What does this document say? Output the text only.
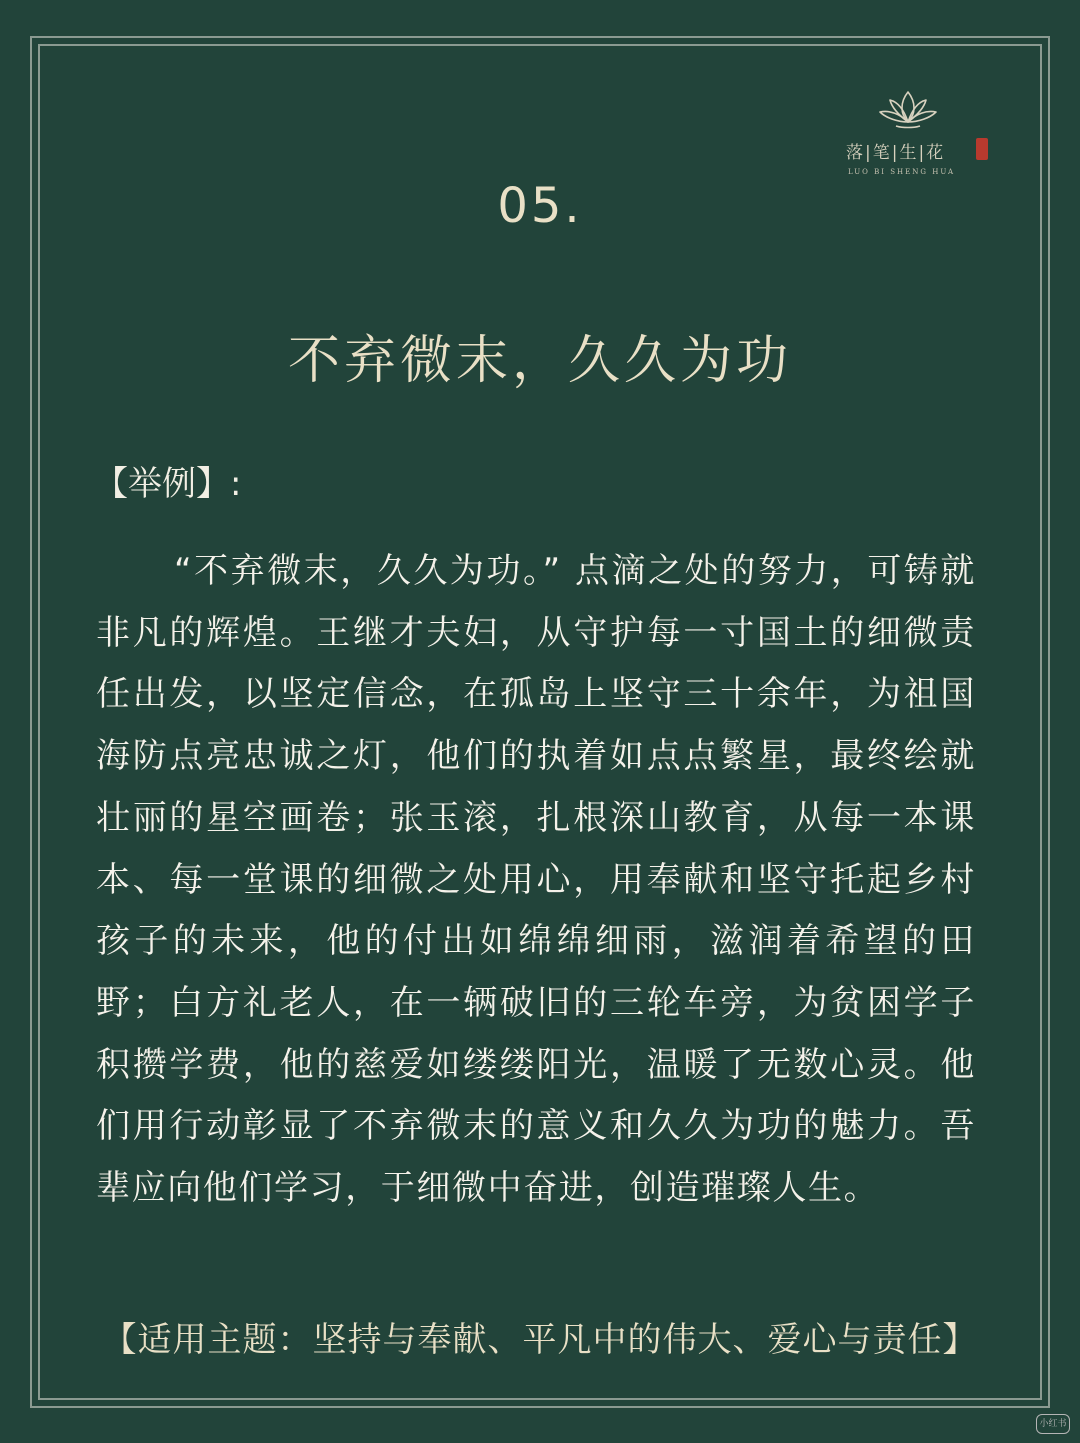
落|笔|生|花
LUO BI SHENG HUA
05.
不弃微末，久久为功
【举例】:
“不弃微末，久久为功。” 点滴之处的努力，可铸就非凡的辉煌。王继才夫妇，从守护每一寸国土的细微责任出发，以坚定信念，在孤岛上坚守三十余年，为祖国海防点亮忠诚之灯，他们的执着如点点繁星，最终绘就壮丽的星空画卷；张玉滚，扎根深山教育，从每一本课本、每一堂课的细微之处用心，用奉献和坚守托起乡村孩子的未来，他的付出如绵绵细雨，滋润着希望的田野；白方礼老人，在一辆破旧的三轮车旁，为贫困学子积攒学费，他的慈爱如缕缕阳光，温暖了无数心灵。他们用行动彰显了不弃微末的意义和久久为功的魅力。吾辈应向他们学习，于细微中奋进，创造璀璨人生。
【适用主题：坚持与奉献、平凡中的伟大、爱心与责任】
小红书
